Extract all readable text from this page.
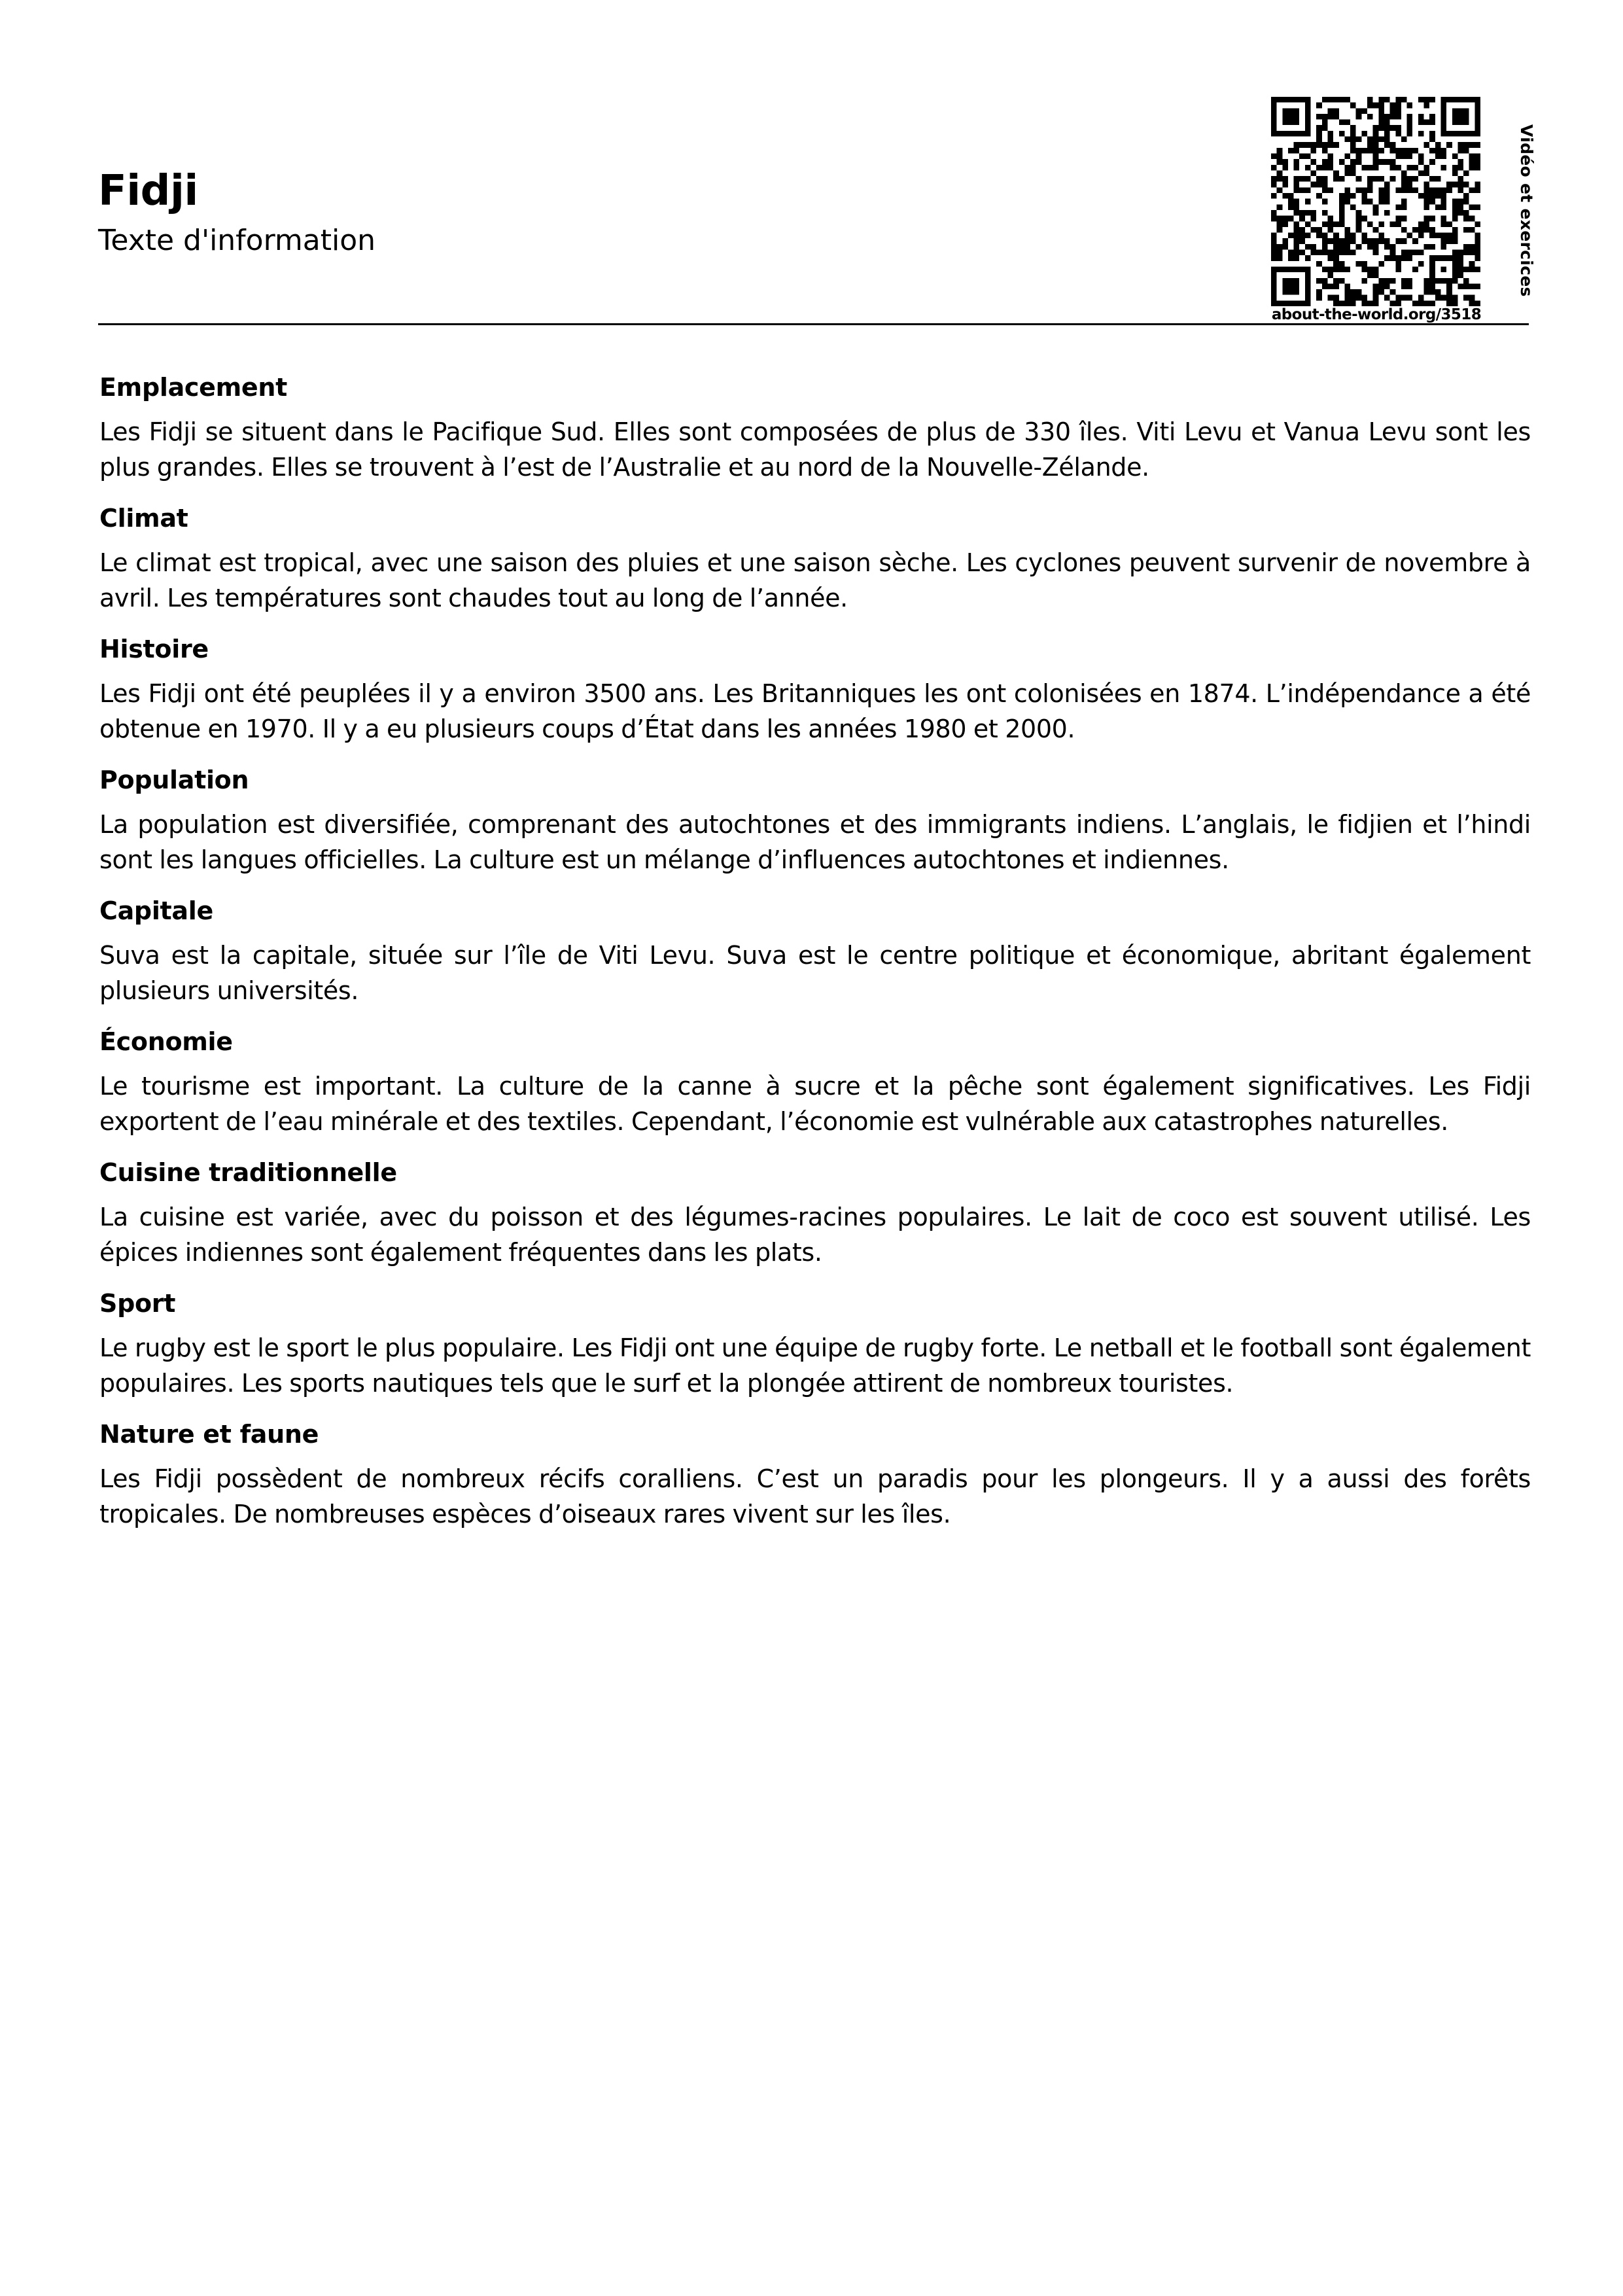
Fidji

Texte d'information

about-the-world.org/3518
Vidéo et exercices
Emplacement

Les Fidji se situent dans le Pacifique Sud. Elles sont composées de plus de 330 îles. Viti Levu et Vanua Levu sont les plus grandes. Elles se trouvent à l’est de l’Australie et au nord de la Nouvelle-Zélande.

Climat

Le climat est tropical, avec une saison des pluies et une saison sèche. Les cyclones peuvent survenir de novembre à avril. Les températures sont chaudes tout au long de l’année.

Histoire

Les Fidji ont été peuplées il y a environ 3500 ans. Les Britanniques les ont colonisées en 1874. L’indépendance a été obtenue en 1970. Il y a eu plusieurs coups d’État dans les années 1980 et 2000.

Population

La population est diversifiée, comprenant des autochtones et des immigrants indiens. L’anglais, le fidjien et l’hindi sont les langues officielles. La culture est un mélange d’influences autochtones et indiennes.

Capitale

Suva est la capitale, située sur l’île de Viti Levu. Suva est le centre politique et économique, abritant également plusieurs universités.

Économie

Le tourisme est important. La culture de la canne à sucre et la pêche sont également significatives. Les Fidji exportent de l’eau minérale et des textiles. Cependant, l’économie est vulnérable aux catastrophes naturelles.

Cuisine traditionnelle

La cuisine est variée, avec du poisson et des légumes-racines populaires. Le lait de coco est souvent utilisé. Les épices indiennes sont également fréquentes dans les plats.

Sport

Le rugby est le sport le plus populaire. Les Fidji ont une équipe de rugby forte. Le netball et le football sont également populaires. Les sports nautiques tels que le surf et la plongée attirent de nombreux touristes.

Nature et faune

Les Fidji possèdent de nombreux récifs coralliens. C’est un paradis pour les plongeurs. Il y a aussi des forêts tropicales. De nombreuses espèces d’oiseaux rares vivent sur les îles.
